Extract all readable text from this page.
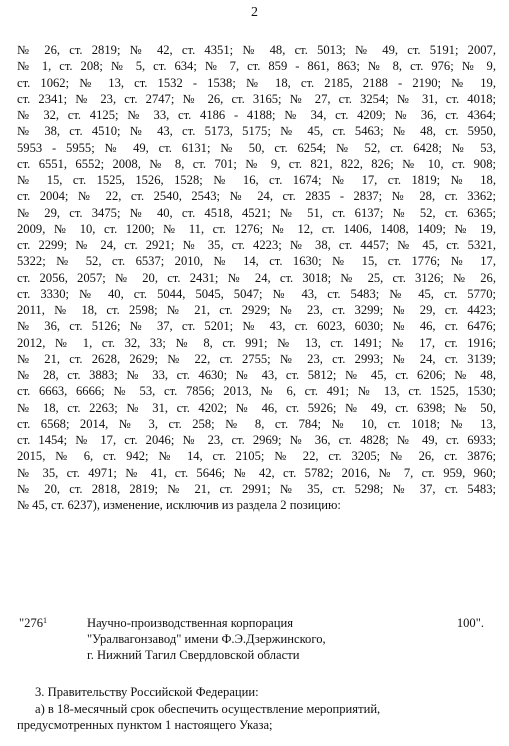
2
№ 26, ст. 2819; № 42, ст. 4351; № 48, ст. 5013; № 49, ст. 5191; 2007,
№ 1, ст. 208; № 5, ст. 634; № 7, ст. 859 - 861, 863; № 8, ст. 976; № 9,
ст. 1062; № 13, ст. 1532 - 1538; № 18, ст. 2185, 2188 - 2190; № 19,
ст. 2341; № 23, ст. 2747; № 26, ст. 3165; № 27, ст. 3254; № 31, ст. 4018;
№ 32, ст. 4125; № 33, ст. 4186 - 4188; № 34, ст. 4209; № 36, ст. 4364;
№ 38, ст. 4510; № 43, ст. 5173, 5175; № 45, ст. 5463; № 48, ст. 5950,
5953 - 5955; № 49, ст. 6131; № 50, ст. 6254; № 52, ст. 6428; № 53,
ст. 6551, 6552; 2008, № 8, ст. 701; № 9, ст. 821, 822, 826; № 10, ст. 908;
№ 15, ст. 1525, 1526, 1528; № 16, ст. 1674; № 17, ст. 1819; № 18,
ст. 2004; № 22, ст. 2540, 2543; № 24, ст. 2835 - 2837; № 28, ст. 3362;
№ 29, ст. 3475; № 40, ст. 4518, 4521; № 51, ст. 6137; № 52, ст. 6365;
2009, № 10, ст. 1200; № 11, ст. 1276; № 12, ст. 1406, 1408, 1409; № 19,
ст. 2299; № 24, ст. 2921; № 35, ст. 4223; № 38, ст. 4457; № 45, ст. 5321,
5322; № 52, ст. 6537; 2010, № 14, ст. 1630; № 15, ст. 1776; № 17,
ст. 2056, 2057; № 20, ст. 2431; № 24, ст. 3018; № 25, ст. 3126; № 26,
ст. 3330; № 40, ст. 5044, 5045, 5047; № 43, ст. 5483; № 45, ст. 5770;
2011, № 18, ст. 2598; № 21, ст. 2929; № 23, ст. 3299; № 29, ст. 4423;
№ 36, ст. 5126; № 37, ст. 5201; № 43, ст. 6023, 6030; № 46, ст. 6476;
2012, № 1, ст. 32, 33; № 8, ст. 991; № 13, ст. 1491; № 17, ст. 1916;
№ 21, ст. 2628, 2629; № 22, ст. 2755; № 23, ст. 2993; № 24, ст. 3139;
№ 28, ст. 3883; № 33, ст. 4630; № 43, ст. 5812; № 45, ст. 6206; № 48,
ст. 6663, 6666; № 53, ст. 7856; 2013, № 6, ст. 491; № 13, ст. 1525, 1530;
№ 18, ст. 2263; № 31, ст. 4202; № 46, ст. 5926; № 49, ст. 6398; № 50,
ст. 6568; 2014, № 3, ст. 258; № 8, ст. 784; № 10, ст. 1018; № 13,
ст. 1454; № 17, ст. 2046; № 23, ст. 2969; № 36, ст. 4828; № 49, ст. 6933;
2015, № 6, ст. 942; № 14, ст. 2105; № 22, ст. 3205; № 26, ст. 3876;
№ 35, ст. 4971; № 41, ст. 5646; № 42, ст. 5782; 2016, № 7, ст. 959, 960;
№ 20, ст. 2818, 2819; № 21, ст. 2991; № 35, ст. 5298; № 37, ст. 5483;
№ 45, ст. 6237), изменение, исключив из раздела 2 позицию:
"$276^1$	Научно-производственная корпорация
"Уралвагонзавод" имени Ф.Э.Дзержинского,
г. Нижний Тагил Свердловской области
100".
3. Правительству Российской Федерации:
а) в 18-месячный срок обеспечить осуществление мероприятий,
предусмотренных пунктом 1 настоящего Указа;
